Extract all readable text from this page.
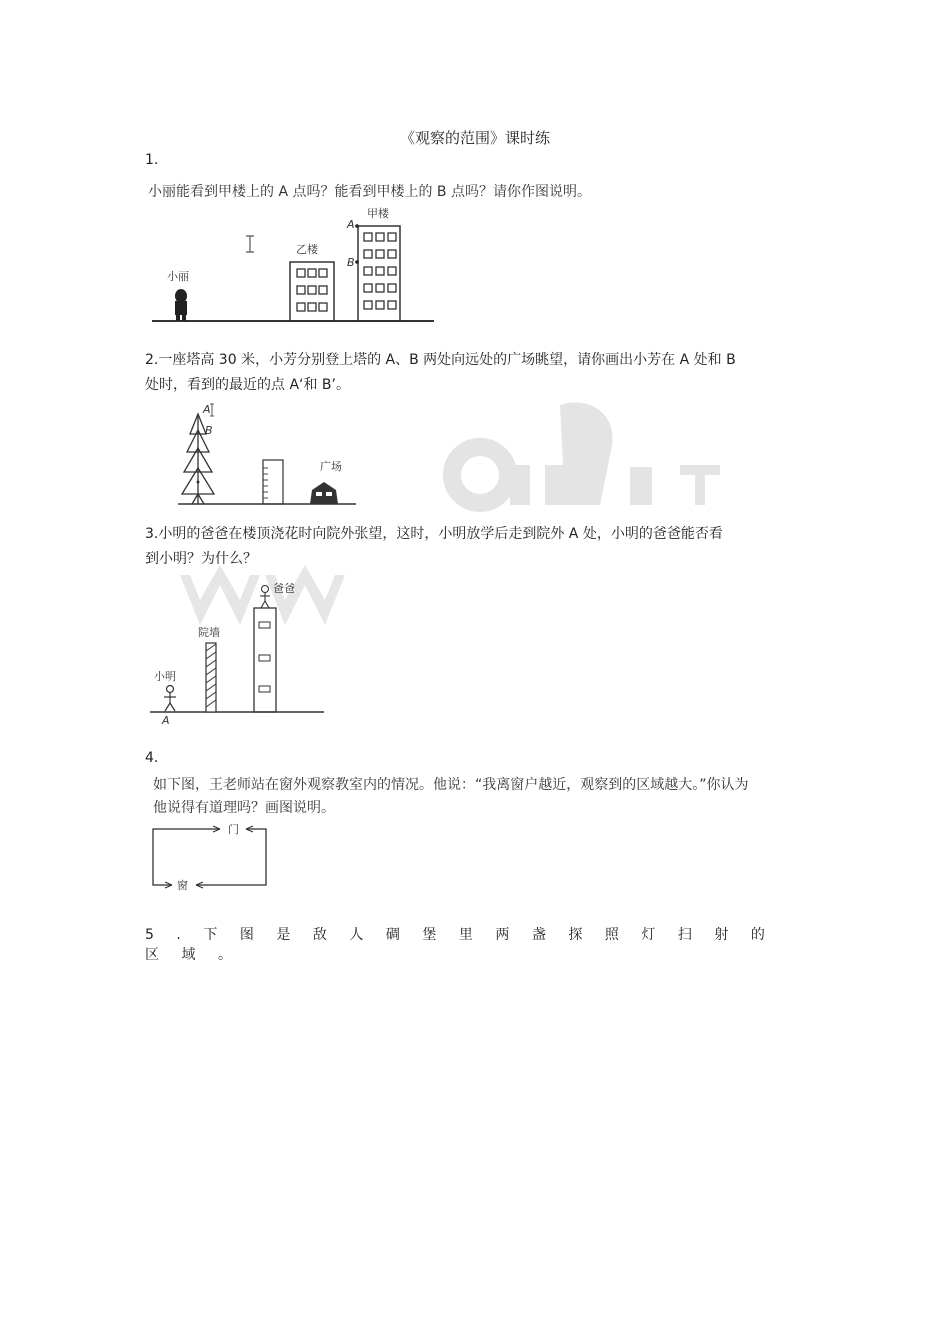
《观察的范围》课时练
1.
小丽能看到甲楼上的 A 点吗？能看到甲楼上的 B 点吗？请你作图说明。
小丽
乙楼
甲楼
A
B
2.一座塔高 30 米，小芳分别登上塔的 A、B 两处向远处的广场眺望，请你画出小芳在 A 处和 B
处时，看到的最近的点 A‘和 B’。
A
B
广场
3.小明的爸爸在楼顶浇花时向院外张望，这时，小明放学后走到院外 A 处，小明的爸爸能否看
到小明？为什么？
小明
A
院墙
爸爸
4.
如下图，王老师站在窗外观察教室内的情况。他说：“我离窗户越近，观察到的区域越大。”你认为
他说得有道理吗？画图说明。
门
窗
5.下图是敌人碉堡里两盏探照灯扫射的区域。
